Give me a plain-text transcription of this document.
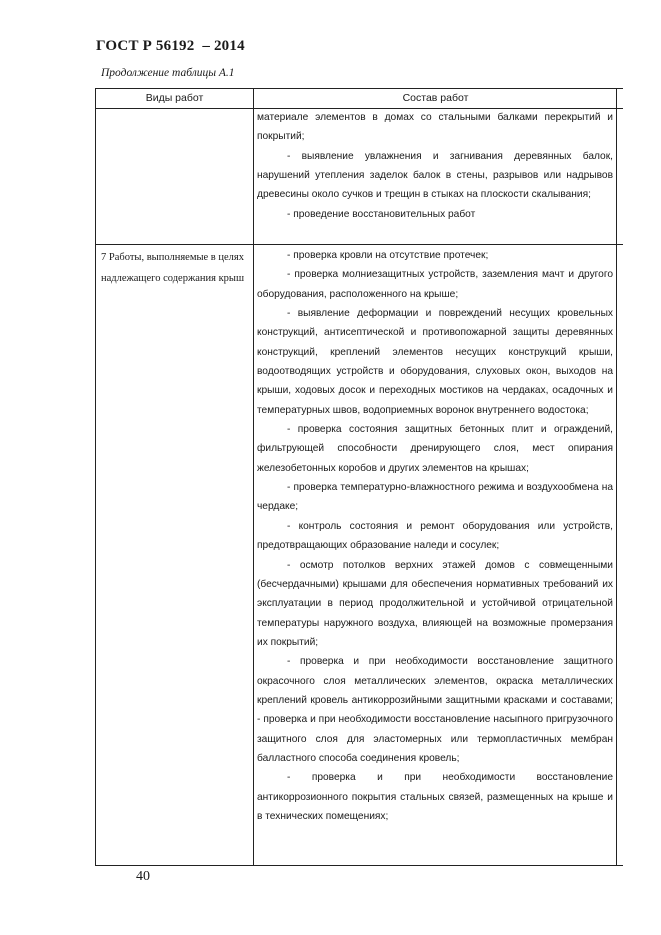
ГОСТ Р 56192  – 2014
Продолжение таблицы А.1
Виды работ	Состав работ

материале элементов в домах со стальными балками перекрытий и покрытий;

- выявление увлажнения и загнивания деревянных балок, нарушений утепления заделок балок в стены, разрывов или надрывов древесины около сучков и трещин в стыках на плоскости скалывания;

- проведение восстановительных работ

7 Работы, выполняемые в целях надлежащего содержания крыш

- проверка кровли на отсутствие протечек;

- проверка молниезащитных устройств, заземления мачт и другого оборудования, расположенного на крыше;

- выявление деформации и повреждений несущих кровельных конструкций, антисептической и противопожарной защиты деревянных конструкций, креплений элементов несущих конструкций крыши, водоотводящих устройств и оборудования, слуховых окон, выходов на крыши, ходовых досок и переходных мостиков на чердаках, осадочных и температурных швов, водоприемных воронок внутреннего водостока;

- проверка состояния защитных бетонных плит и ограждений, фильтрующей способности дренирующего слоя, мест опирания железобетонных коробов и других элементов на крышах;

- проверка температурно-влажностного режима и воздухообмена на чердаке;

- контроль состояния и ремонт оборудования или устройств, предотвращающих образование наледи и сосулек;

- осмотр потолков верхних этажей домов с совмещенными (бесчердачными) крышами для обеспечения нормативных требований их эксплуатации в период продолжительной и устойчивой отрицательной температуры наружного воздуха, влияющей на возможные промерзания их покрытий;

- проверка и при необходимости восстановление защитного окрасочного слоя металлических элементов, окраска металлических креплений кровель антикоррозийными защитными красками и составами; - проверка и при необходимости восстановление насыпного пригрузочного защитного слоя для эластомерных или термопластичных мембран балластного способа соединения кровель;

- проверка и при необходимости восстановление антикоррозионного покрытия стальных связей, размещенных на крыше и в технических помещениях;

40
